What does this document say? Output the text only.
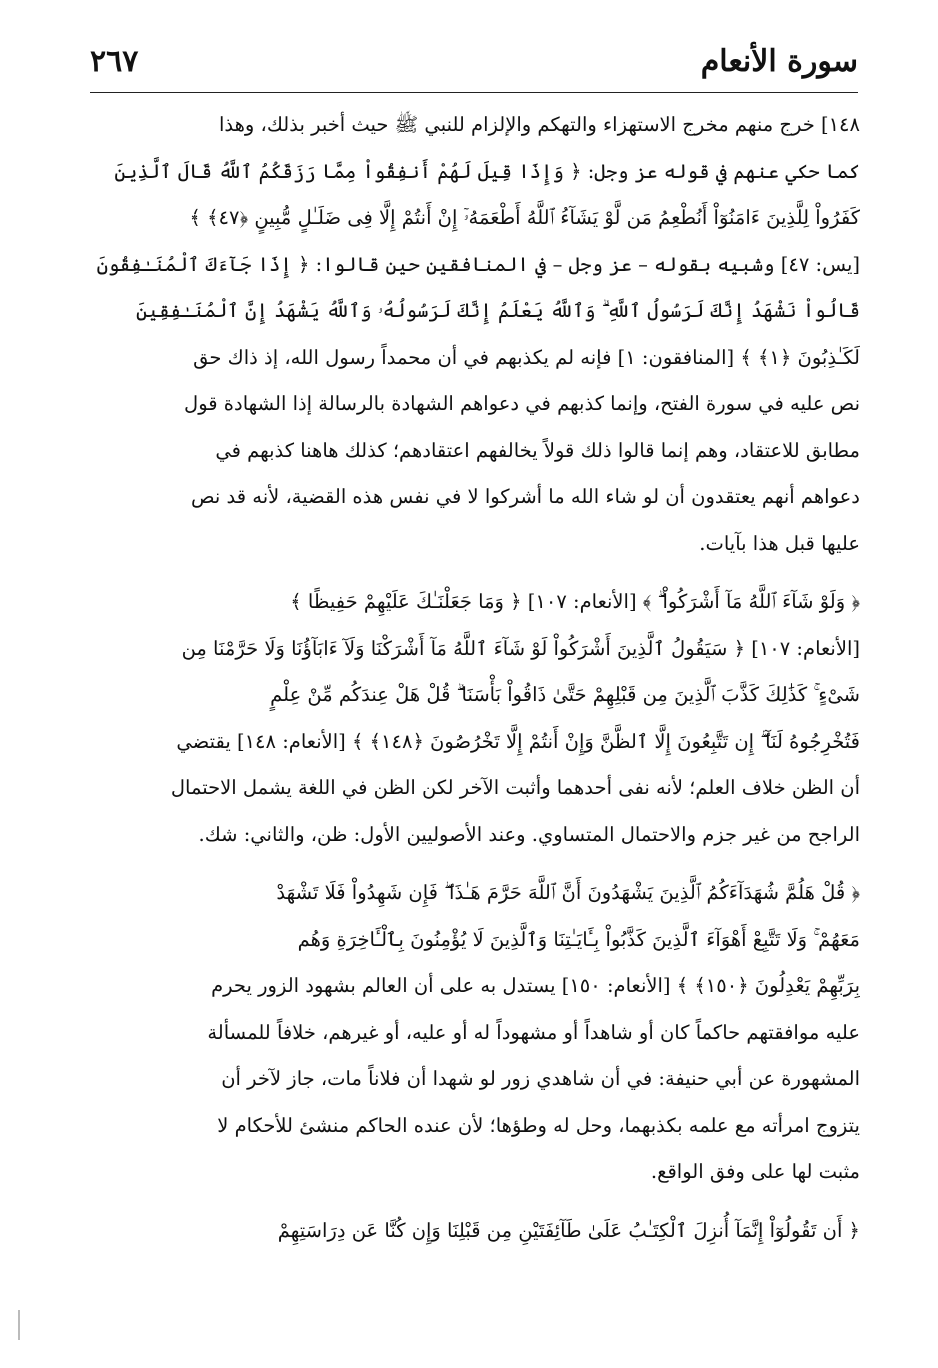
سورة الأنعام
٢٦٧

١٤٨] خرج منهم مخرج الاستهزاء والتهكم والإلزام للنبي ﷺ حيث أخبر بذلك، وهذا
كما حكي عنهم في قوله عز وجل: ﴿ وَإِذَا قِيلَ لَهُمْ أَنفِقُواْ مِمَّا رَزَقَكُمُ ٱللَّهُ قَالَ ٱلَّذِينَ
كَفَرُواْ لِلَّذِينَ ءَامَنُوٓاْ أَنُطْعِمُ مَن لَّوْ يَشَآءُ ٱللَّهُ أَطْعَمَهُۥٓ إِنْ أَنتُمْ إِلَّا فِى ضَلَـٰلٍ مُّبِينٍ ﴿٤٧﴾ ﴾
[يس: ٤٧] وشبيه بقوله – عز وجل – في المنافقين حين قالوا: ﴿ إِذَا جَآءَكَ ٱلْمُنَـٰفِقُونَ
قَالُواْ نَشْهَدُ إِنَّكَ لَرَسُولُ ٱللَّهِ ۗ وَٱللَّهُ يَعْلَمُ إِنَّكَ لَرَسُولُهُۥ وَٱللَّهُ يَشْهَدُ إِنَّ ٱلْمُنَـٰفِقِينَ
لَكَـٰذِبُونَ ﴿١﴾ ﴾ [المنافقون: ١] فإنه لم يكذبهم في أن محمداً رسول الله، إذ ذاك حق
نص عليه في سورة الفتح، وإنما كذبهم في دعواهم الشهادة بالرسالة إذا الشهادة قول
مطابق للاعتقاد، وهم إنما قالوا ذلك قولاً يخالفهم اعتقادهم؛ كذلك هاهنا كذبهم في
دعواهم أنهم يعتقدون أن لو شاء الله ما أشركوا لا في نفس هذه القضية، لأنه قد نص
عليها قبل هذا بآيات.

﴿ وَلَوْ شَآءَ ٱللَّهُ مَآ أَشْرَكُواْ ۗ ﴾ [الأنعام: ١٠٧] ﴿ وَمَا جَعَلْنَـٰكَ عَلَيْهِمْ حَفِيظًا ﴾
[الأنعام: ١٠٧] ﴿ سَيَقُولُ ٱلَّذِينَ أَشْرَكُواْ لَوْ شَآءَ ٱللَّهُ مَآ أَشْرَكْنَا وَلَآ ءَابَآؤُنَا وَلَا حَرَّمْنَا مِن
شَىْءٍ ۚ كَذَٰلِكَ كَذَّبَ ٱلَّذِينَ مِن قَبْلِهِمْ حَتَّىٰ ذَاقُواْ بَأْسَنَا ۗ قُلْ هَلْ عِندَكُم مِّنْ عِلْمٍ
فَتُخْرِجُوهُ لَنَآ ۖ إِن تَتَّبِعُونَ إِلَّا ٱلظَّنَّ وَإِنْ أَنتُمْ إِلَّا تَخْرُصُونَ ﴿١٤٨﴾ ﴾ [الأنعام: ١٤٨] يقتضي
أن الظن خلاف العلم؛ لأنه نفى أحدهما وأثبت الآخر لكن الظن في اللغة يشمل الاحتمال
الراجح من غير جزم والاحتمال المتساوي. وعند الأصوليين الأول: ظن، والثاني: شك.

﴿ قُلْ هَلُمَّ شُهَدَآءَكُمُ ٱلَّذِينَ يَشْهَدُونَ أَنَّ ٱللَّهَ حَرَّمَ هَـٰذَا ۖ فَإِن شَهِدُواْ فَلَا تَشْهَدْ
مَعَهُمْ ۚ وَلَا تَتَّبِعْ أَهْوَآءَ ٱلَّذِينَ كَذَّبُواْ بِـَٔايَـٰتِنَا وَٱلَّذِينَ لَا يُؤْمِنُونَ بِٱلْـَٔاخِرَةِ وَهُم
بِرَبِّهِمْ يَعْدِلُونَ ﴿١٥٠﴾ ﴾ [الأنعام: ١٥٠] يستدل به على أن العالم بشهود الزور يحرم
عليه موافقتهم حاكماً كان أو شاهداً أو مشهوداً له أو عليه، أو غيرهم، خلافاً للمسألة
المشهورة عن أبي حنيفة: في أن شاهدي زور لو شهدا أن فلاناً مات، جاز لآخر أن
يتزوج امرأته مع علمه بكذبهما، وحل له وطؤها؛ لأن عنده الحاكم منشئ للأحكام لا
مثبت لها على وفق الواقع.

﴿ أَن تَقُولُوٓاْ إِنَّمَآ أُنزِلَ ٱلْكِتَـٰبُ عَلَىٰ طَآئِفَتَيْنِ مِن قَبْلِنَا وَإِن كُنَّا عَن دِرَاسَتِهِمْ
